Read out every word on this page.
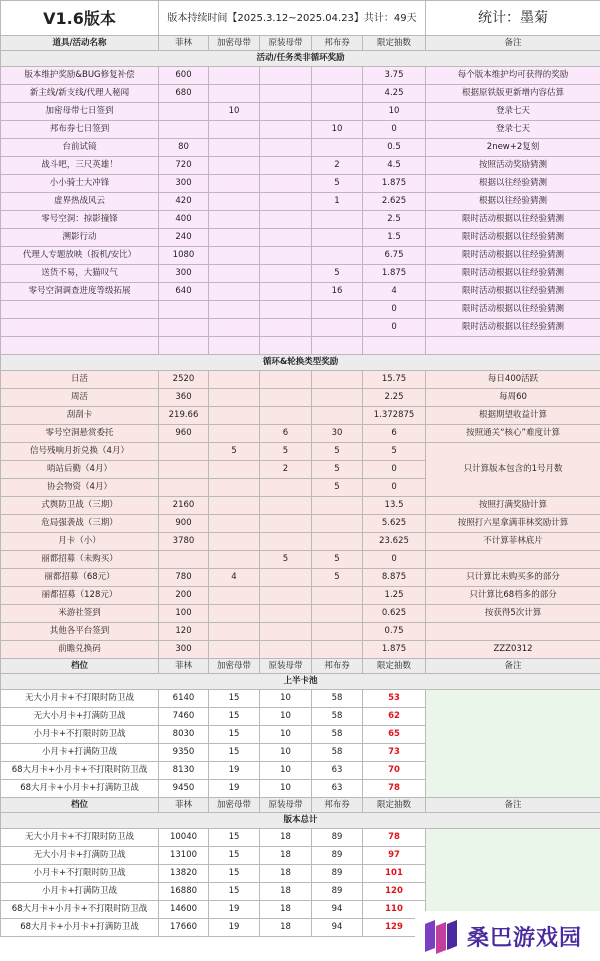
V1.6版本	版本持续时间【2025.3.12~2025.04.23】共计：49天					统计：墨菊
道具/活动名称	菲林	加密母带	原装母带	邦布券	限定抽数	备注
活动/任务类非循环奖励						
版本维护奖励&BUG修复补偿	600				3.75	每个版本维护均可获得的奖励
新主线/新支线/代理人秘闻	680				4.25	根据原铁版更新增内容估算
加密母带七日签到		10			10	登录七天
邦布券七日签到				10	0	登录七天
台前试镜	80				0.5	2new+2复刻
战斗吧，三尺英雄！	720			2	4.5	按照活动奖励猜测
小小骑士大冲锋	300			5	1.875	根据以往经验猜测
虚界热战风云	420			1	2.625	根据以往经验猜测
零号空洞：掠影撞锋	400				2.5	限时活动根据以往经验猜测
溯影行动	240				1.5	限时活动根据以往经验猜测
代理人专题放映（扳机/安比）	1080				6.75	限时活动根据以往经验猜测
送货不易，大猫叹气	300			5	1.875	限时活动根据以往经验猜测
零号空洞调查进度等级拓展	640			16	4	限时活动根据以往经验猜测
					0	限时活动根据以往经验猜测
					0	限时活动根据以往经验猜测

循环&轮换类型奖励						
日活	2520				15.75	每日400活跃
周活	360				2.25	每周60
刮刮卡	219.66				1.372875	根据期望收益计算
零号空洞悬赏委托	960		6	30	6	按照通关“核心”难度计算
信号残响月折兑换（4月）		5	5	5	5	只计算版本包含的1号月数
哨站后勤（4月）			2	5	0	
协会物资（4月）				5	0	
式舆防卫战（三期）	2160				13.5	按照打满奖励计算
危局强袭战（三期）	900				5.625	按照打六星拿满菲林奖励计算
月卡（小）	3780				23.625	不计算菲林底片
丽都招募（未购买）			5	5	0	
丽都招募（68元）	780	4		5	8.875	只计算比未购买多的部分
丽都招募（128元）	200				1.25	只计算比68档多的部分
米游社签到	100				0.625	按获得5次计算
其他各平台签到	120				0.75	
前瞻兑换码	300				1.875	ZZZ0312
档位	菲林	加密母带	原装母带	邦布券	限定抽数	备注
上半卡池						
无大小月卡+不打限时防卫战	6140	15	10	58	53	
无大小月卡+打满防卫战	7460	15	10	58	62	
小月卡+不打限时防卫战	8030	15	10	58	65	
小月卡+打满防卫战	9350	15	10	58	73	
68大月卡+小月卡+不打限时防卫战	8130	19	10	63	70	
68大月卡+小月卡+打满防卫战	9450	19	10	63	78	
档位	菲林	加密母带	原装母带	邦布券	限定抽数	备注
版本总计						
无大小月卡+不打限时防卫战	10040	15	18	89	78	
无大小月卡+打满防卫战	13100	15	18	89	97	
小月卡+不打限时防卫战	13820	15	18	89	101	
小月卡+打满防卫战	16880	15	18	89	120	
68大月卡+小月卡+不打限时防卫战	14600	19	18	94	110	
68大月卡+小月卡+打满防卫战	17660	19	18	94	129		桑巴游戏园
